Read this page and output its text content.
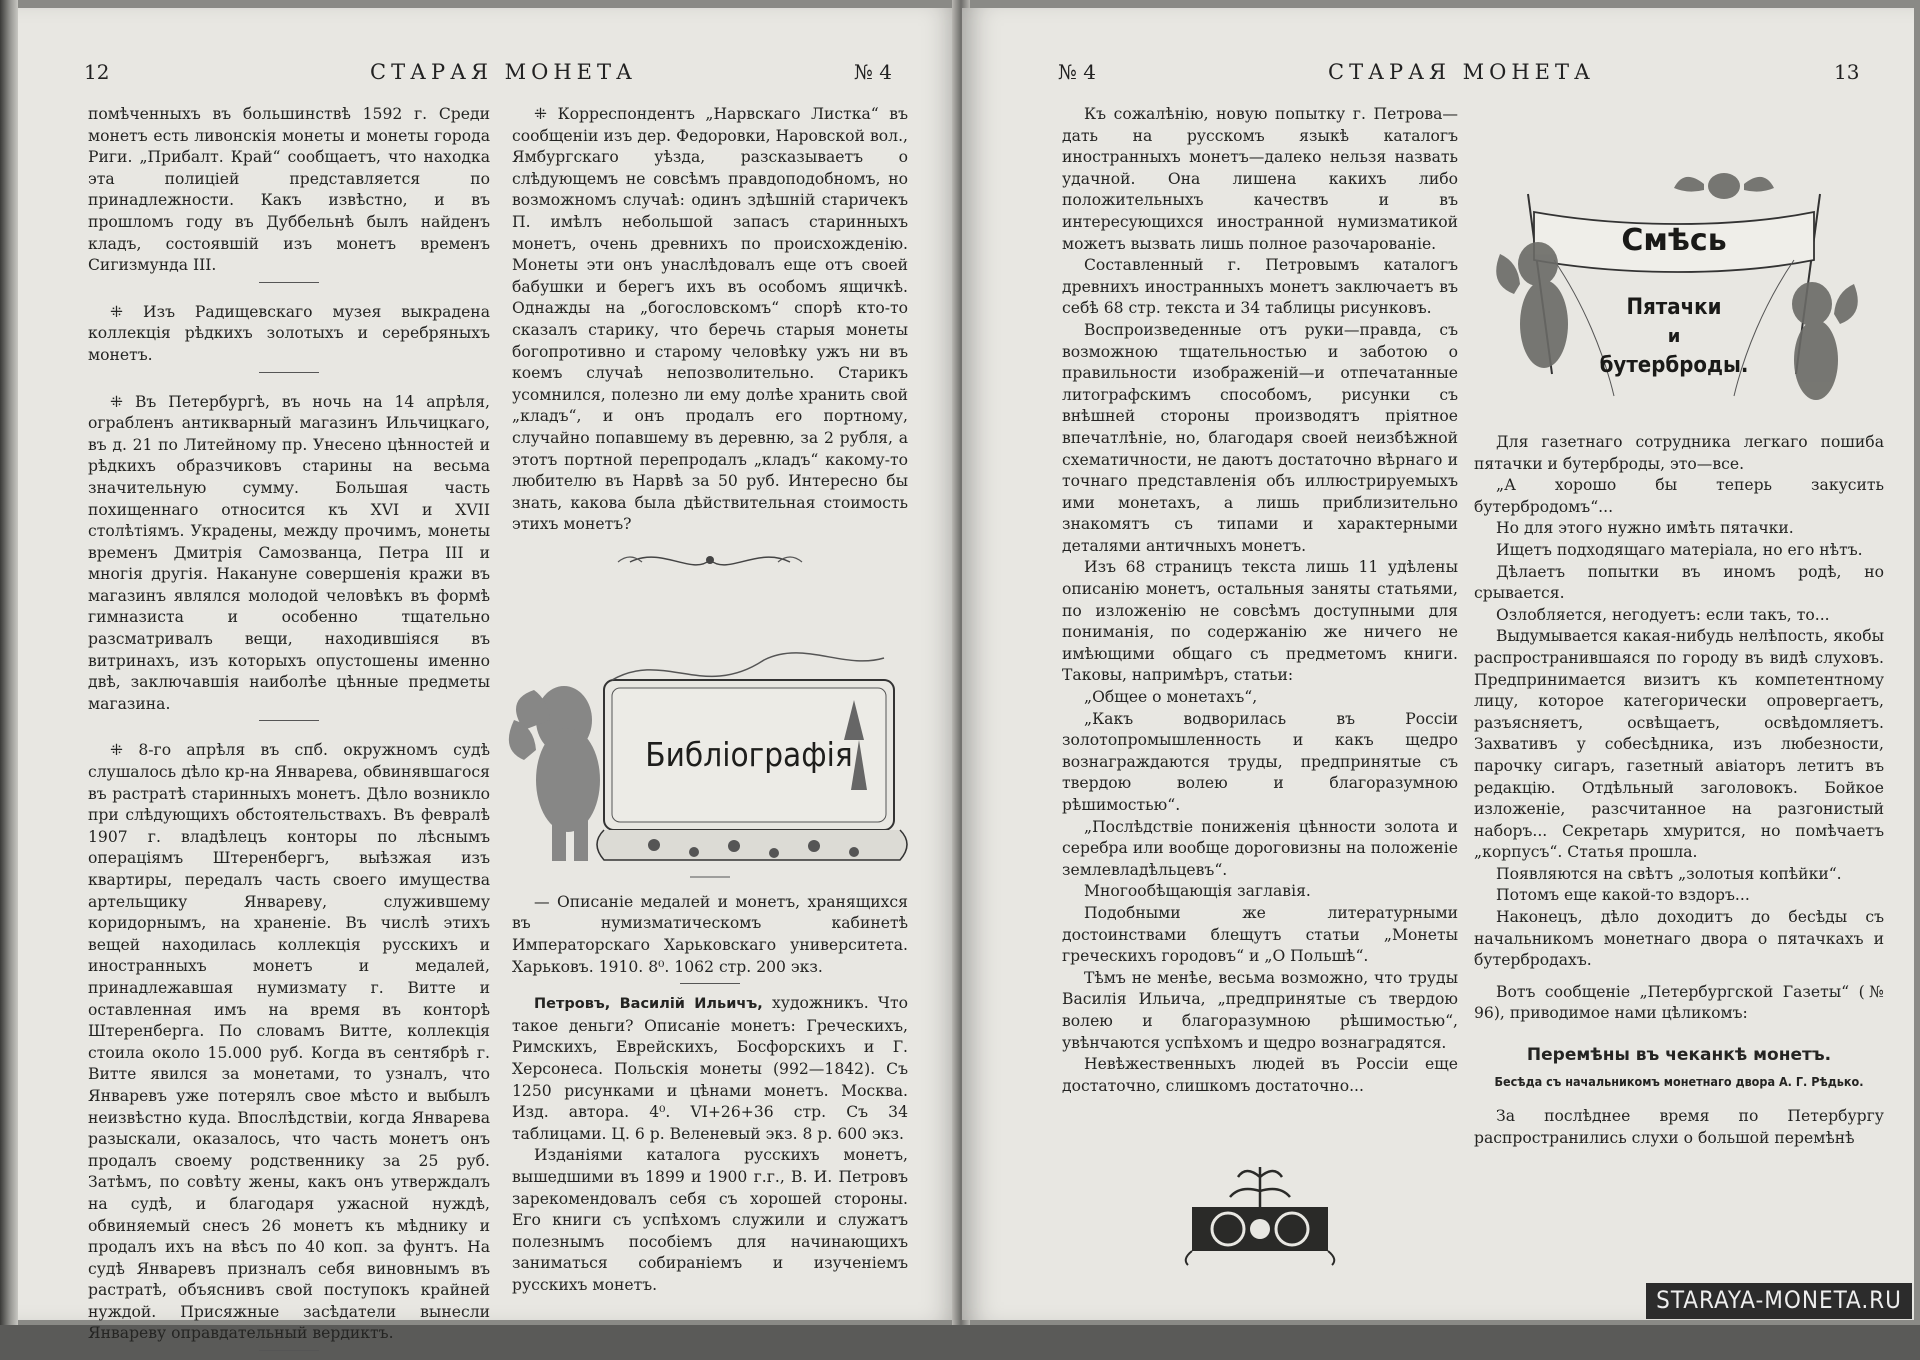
12	СТАРАЯ МОНЕТА	№ 4

помѣченныхъ въ большинствѣ 1592 г. Среди монетъ есть ливонскія монеты и монеты города Риги. „Прибалт. Край“ сообщаетъ, что находка эта полиціей представляется по принадлежности. Какъ извѣстно, и въ прошломъ году въ Дуббельнѣ былъ найденъ кладъ, состоявшій изъ монетъ временъ Сигизмунда III.

⁜ Изъ Радищевскаго музея выкрадена коллекція рѣдкихъ золотыхъ и серебряныхъ монетъ.

⁜ Въ Петербургѣ, въ ночь на 14 апрѣля, ограбленъ антикварный магазинъ Ильчицкаго, въ д. 21 по Литейному пр. Унесено цѣнностей и рѣдкихъ образчиковъ старины на весьма значительную сумму. Большая часть похищеннаго относится къ XVI и XVII столѣтіямъ. Украдены, между прочимъ, монеты временъ Дмитрія Самозванца, Петра III и многія другія. Накануне совершенія кражи въ магазинъ являлся молодой человѣкъ въ формѣ гимназиста и особенно тщательно разсматривалъ вещи, находившіяся въ витринахъ, изъ которыхъ опустошены именно двѣ, заключавшія наиболѣе цѣнные предметы магазина.

⁜ 8-го апрѣля въ спб. окружномъ судѣ слушалось дѣло кр-на Январева, обвинявшагося въ растратѣ старинныхъ монетъ. Дѣло возникло при слѣдующихъ обстоятельствахъ. Въ февралѣ 1907 г. владѣлецъ конторы по лѣснымъ операціямъ Штеренбергъ, выѣзжая изъ квартиры, передалъ часть своего имущества артельщику Январеву, служившему коридорнымъ, на храненіе. Въ числѣ этихъ вещей находилась коллекція русскихъ и иностранныхъ монетъ и медалей, принадлежавшая нумизмату г. Витте и оставленная имъ на время въ конторѣ Штеренберга. По словамъ Витте, коллекція стоила около 15.000 руб. Когда въ сентябрѣ г. Витте явился за монетами, то узналъ, что Январевъ уже потерялъ свое мѣсто и выбылъ неизвѣстно куда. Впослѣдствіи, когда Январева разыскали, оказалось, что часть монетъ онъ продалъ своему родственнику за 25 руб. Затѣмъ, по совѣту жены, какъ онъ утверждалъ на судѣ, и благодаря ужасной нуждѣ, обвиняемый снесъ 26 монетъ къ мѣднику и продалъ ихъ на вѣсъ по 40 коп. за фунтъ. На судѣ Январевъ призналъ себя виновнымъ въ растратѣ, объяснивъ свой поступокъ крайней нуждой. Присяжные засѣдатели вынесли Январеву оправдательный вердиктъ.

⁜ Корреспондентъ „Нарвскаго Листка“ въ сообщеніи изъ дер. Федоровки, Наровской вол., Ямбургскаго уѣзда, разсказываетъ о слѣдующемъ не совсѣмъ правдоподобномъ, но возможномъ случаѣ: одинъ здѣшній старичекъ П. имѣлъ небольшой запасъ старинныхъ монетъ, очень древнихъ по происхожденію. Монеты эти онъ унаслѣдовалъ еще отъ своей бабушки и берегъ ихъ въ особомъ ящичкѣ. Однажды на „богословскомъ“ спорѣ кто-то сказалъ старику, что беречь старыя монеты богопротивно и старому человѣку ужъ ни въ коемъ случаѣ непозволительно. Старикъ усомнился, полезно ли ему долѣе хранить свой „кладъ“, и онъ продалъ его портному, случайно попавшему въ деревню, за 2 рубля, а этотъ портной перепродалъ „кладъ“ какому-то любителю въ Нарвѣ за 50 руб. Интересно бы знать, какова была дѣйствительная стоимость этихъ монетъ?

Библіографія

— Описаніе медалей и монетъ, хранящихся въ нумизматическомъ кабинетѣ Императорскаго Харьковскаго университета. Харьковъ. 1910. 8⁰. 1062 стр. 200 экз.

Петровъ, Василій Ильичъ, художникъ. Что такое деньги? Описаніе монетъ: Греческихъ, Римскихъ, Еврейскихъ, Босфорскихъ и Г. Херсонеса. Польскія монеты (992—1842). Съ 1250 рисунками и цѣнами монетъ. Москва. Изд. автора. 4⁰. VI+26+36 стр. Съ 34 таблицами. Ц. 6 р. Веленевый экз. 8 р. 600 экз.

Изданіями каталога русскихъ монетъ, вышедшими въ 1899 и 1900 г.г., В. И. Петровъ зарекомендовалъ себя съ хорошей стороны. Его книги съ успѣхомъ служили и служатъ полезнымъ пособіемъ для начинающихъ заниматься собираніемъ и изученіемъ русскихъ монетъ.

№ 4	СТАРАЯ МОНЕТА	13

Къ сожалѣнію, новую попытку г. Петрова—дать на русскомъ языкѣ каталогъ иностранныхъ монетъ—далеко нельзя назвать удачной. Она лишена какихъ либо положительныхъ качествъ и въ интересующихся иностранной нумизматикой можетъ вызвать лишь полное разочарованіе.

Составленный г. Петровымъ каталогъ древнихъ иностранныхъ монетъ заключаетъ въ себѣ 68 стр. текста и 34 таблицы рисунковъ.

Воспроизведенные отъ руки—правда, съ возможною тщательностью и заботою о правильности изображеній—и отпечатанные литографскимъ способомъ, рисунки съ внѣшней стороны производятъ пріятное впечатлѣніе, но, благодаря своей неизбѣжной схематичности, не даютъ достаточно вѣрнаго и точнаго представленія объ иллюстрируемыхъ ими монетахъ, а лишь приблизительно знакомятъ съ типами и характерными деталями античныхъ монетъ.

Изъ 68 страницъ текста лишь 11 удѣлены описанію монетъ, остальныя заняты статьями, по изложенію не совсѣмъ доступными для пониманія, по содержанію же ничего не имѣющими общаго съ предметомъ книги. Таковы, напримѣръ, статьи:

„Общее о монетахъ“,

„Какъ водворилась въ Россіи золотопромышленность и какъ щедро вознаграждаются труды, предпринятые съ твердою волею и благоразумною рѣшимостью“.

„Послѣдствіе пониженія цѣнности золота и серебра или вообще дороговизны на положеніе землевладѣльцевъ“.

Многообѣщающія заглавія.

Подобными же литературными достоинствами блещутъ статьи „Монеты греческихъ городовъ“ и „О Польшѣ“.

Тѣмъ не менѣе, весьма возможно, что труды Василія Ильича, „предпринятые съ твердою волею и благоразумною рѣшимостью“, увѣнчаются успѣхомъ и щедро вознаградятся.

Невѣжественныхъ людей въ Россіи еще достаточно, слишкомъ достаточно...

Смѣсь
Пятачки
и
бутерброды.

Для газетнаго сотрудника легкаго пошиба пятачки и бутерброды, это—все.

„А хорошо бы теперь закусить бутербродомъ“...

Но для этого нужно имѣть пятачки.

Ищетъ подходящаго матеріала, но его нѣтъ.

Дѣлаетъ попытки въ иномъ родѣ, но срывается.

Озлобляется, негодуетъ: если такъ, то...

Выдумывается какая-нибудь нелѣпость, якобы распространившаяся по городу въ видѣ слуховъ. Предпринимается визитъ къ компетентному лицу, которое категорически опровергаетъ, разъясняетъ, освѣщаетъ, освѣдомляетъ. Захвативъ у собесѣдника, изъ любезности, парочку сигаръ, газетный авіаторъ летитъ въ редакцію. Отдѣльный заголовокъ. Бойкое изложеніе, разсчитанное на разгонистый наборъ... Секретарь хмурится, но помѣчаетъ „корпусъ“. Статья прошла.

Появляются на свѣтъ „золотыя копѣйки“.

Потомъ еще какой-то вздоръ...

Наконецъ, дѣло доходитъ до бесѣды съ начальникомъ монетнаго двора о пятачкахъ и бутербродахъ.

Вотъ сообщеніе „Петербургской Газеты“ (№ 96), приводимое нами цѣликомъ:

Перемѣны въ чеканкѣ монетъ.

Бесѣда съ начальникомъ монетнаго двора А. Г. Рѣдько.

За послѣднее время по Петербургу распространились слухи о большой перемѣнѣ

STARAYA-MONETA.RU
